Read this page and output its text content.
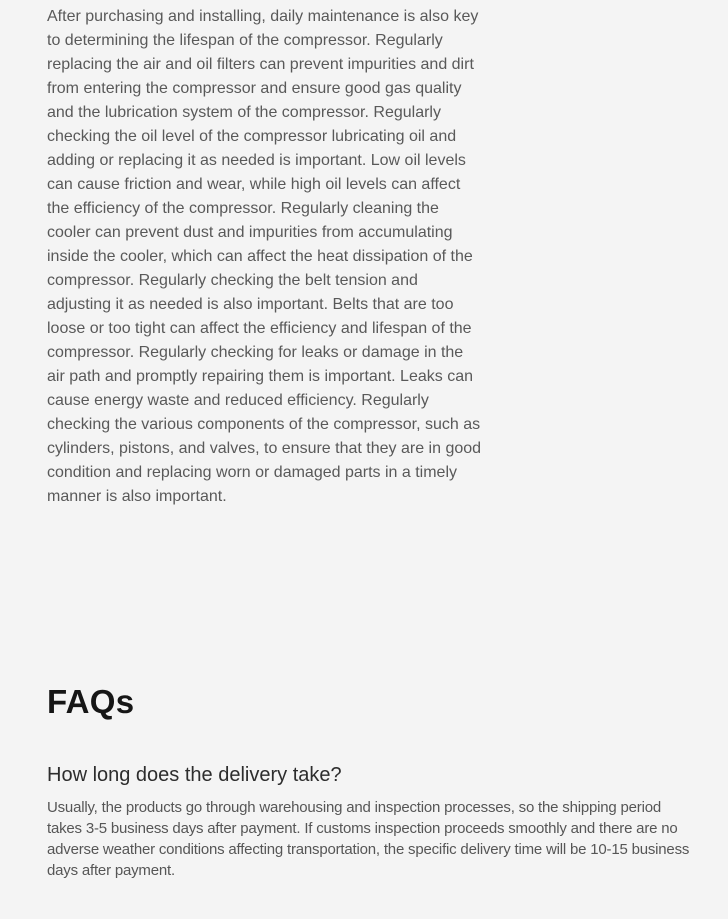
After purchasing and installing, daily maintenance is also key to determining the lifespan of the compressor. Regularly replacing the air and oil filters can prevent impurities and dirt from entering the compressor and ensure good gas quality and the lubrication system of the compressor. Regularly checking the oil level of the compressor lubricating oil and adding or replacing it as needed is important. Low oil levels can cause friction and wear, while high oil levels can affect the efficiency of the compressor. Regularly cleaning the cooler can prevent dust and impurities from accumulating inside the cooler, which can affect the heat dissipation of the compressor. Regularly checking the belt tension and adjusting it as needed is also important. Belts that are too loose or too tight can affect the efficiency and lifespan of the compressor. Regularly checking for leaks or damage in the air path and promptly repairing them is important. Leaks can cause energy waste and reduced efficiency. Regularly checking the various components of the compressor, such as cylinders, pistons, and valves, to ensure that they are in good condition and replacing worn or damaged parts in a timely manner is also important.

FAQs
How long does the delivery take?

Usually, the products go through warehousing and inspection processes, so the shipping period takes 3-5 business days after payment. If customs inspection proceeds smoothly and there are no adverse weather conditions affecting transportation, the specific delivery time will be 10-15 business days after payment.
